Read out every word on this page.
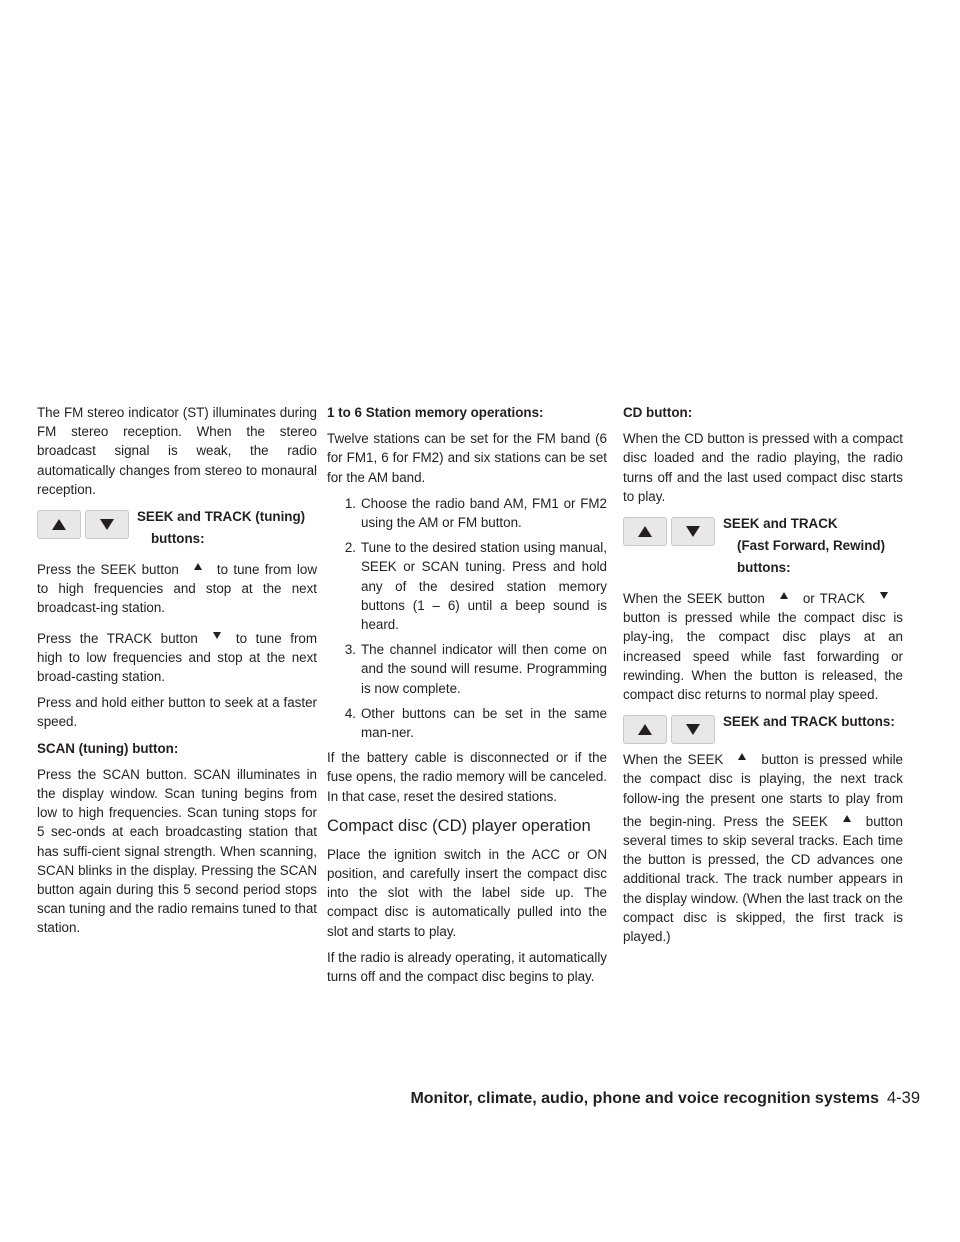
The FM stereo indicator (ST) illuminates during FM stereo reception. When the stereo broadcast signal is weak, the radio automatically changes from stereo to monaural reception.

SEEK and TRACK (tuning)
buttons:

Press the SEEK button	to tune from low to high frequencies and stop at the next broadcast-ing station.

Press the TRACK button	to tune from high to low frequencies and stop at the next broad-casting station.

Press and hold either button to seek at a faster speed.

SCAN (tuning) button:

Press the SCAN button. SCAN illuminates in the display window. Scan tuning begins from low to high frequencies. Scan tuning stops for 5 sec-onds at each broadcasting station that has suffi-cient signal strength. When scanning, SCAN blinks in the display. Pressing the SCAN button again during this 5 second period stops scan tuning and the radio remains tuned to that station.

1 to 6 Station memory operations:

Twelve stations can be set for the FM band (6 for FM1, 6 for FM2) and six stations can be set for the AM band.

1. Choose the radio band AM, FM1 or FM2 using the AM or FM button.
2. Tune to the desired station using manual, SEEK or SCAN tuning. Press and hold any of the desired station memory buttons (1 – 6) until a beep sound is heard.
3. The channel indicator will then come on and the sound will resume. Programming is now complete.
4. Other buttons can be set in the same man-ner.

If the battery cable is disconnected or if the fuse opens, the radio memory will be canceled. In that case, reset the desired stations.

Compact disc (CD) player operation

Place the ignition switch in the ACC or ON position, and carefully insert the compact disc into the slot with the label side up. The compact disc is automatically pulled into the slot and starts to play.

If the radio is already operating, it automatically turns off and the compact disc begins to play.

CD button:

When the CD button is pressed with a compact disc loaded and the radio playing, the radio turns off and the last used compact disc starts to play.

SEEK and TRACK
(Fast Forward, Rewind)
buttons:

When the SEEK button	or TRACKbutton is pressed while the compact disc is play-ing, the compact disc plays at an increased speed while fast forwarding or rewinding. When the button is released, the compact disc returns to normal play speed.

SEEK and TRACK buttons:

When the SEEK	button is pressed while the compact disc is playing, the next track follow-ing the present one starts to play from the begin-ning. Press the SEEK	button several times to skip several tracks. Each time the button is pressed, the CD advances one additional track. The track number appears in the display window. (When the last track on the compact disc is skipped, the first track is played.)

Monitor, climate, audio, phone and voice recognition systems 4-39
